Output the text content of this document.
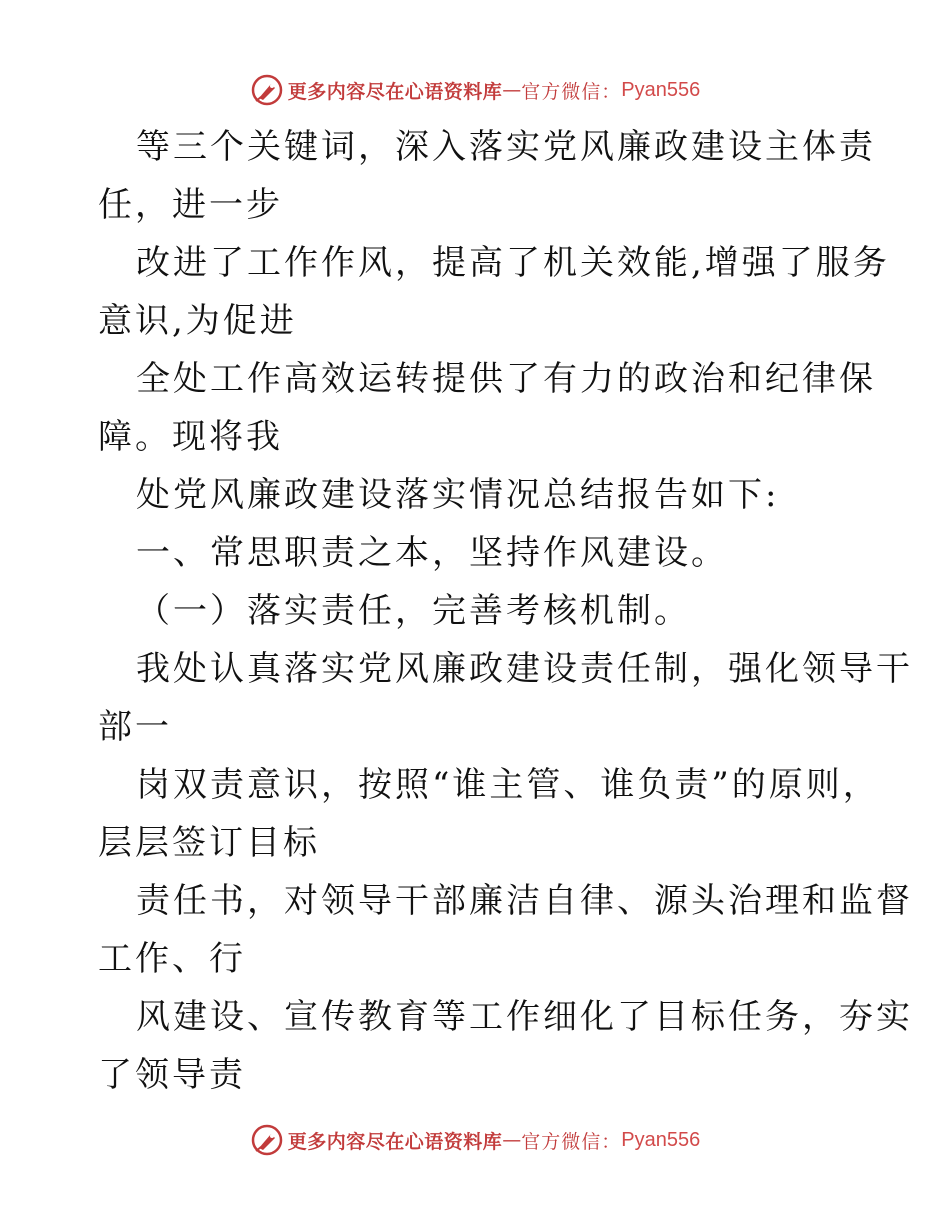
更多内容尽在心语资料库 — 官方微信： Pyan556
等三个关键词，深入落实党风廉政建设主体责
任，进一步
改进了工作作风，提高了机关效能,增强了服务
意识,为促进
全处工作高效运转提供了有力的政治和纪律保
障。现将我
处党风廉政建设落实情况总结报告如下:
一、常思职责之本，坚持作风建设。
（一）落实责任，完善考核机制。
我处认真落实党风廉政建设责任制，强化领导干
部一
岗双责意识，按照“谁主管、谁负责”的原则，
层层签订目标
责任书，对领导干部廉洁自律、源头治理和监督
工作、行
风建设、宣传教育等工作细化了目标任务，夯实
了领导责
更多内容尽在心语资料库 — 官方微信： Pyan556
